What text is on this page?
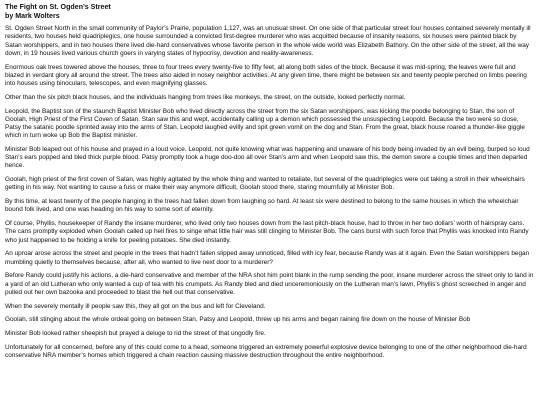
The Fight on St. Ogden’s Street
by Mark Wolters

St. Ogden Street North in the small community of Paylor’s Prairie, population 1,127, was an unusual street. On one side of that particular street four houses contained severely mentally ill residents, two houses held quadriplegics, one house surrounded a convicted first-degree murderer who was acquitted because of insanity reasons, six houses were painted black by Satan worshippers, and in two houses there lived die-hard conservatives whose favorite person in the whole wide world was Elizabeth Bathory. On the other side of the street, all the way down, in 19 houses lived various church goers in varying states of hypocrisy, devotion and reality-awareness.

Enormous oak trees towered above the houses, three to four trees every twenty-five to fifty feet, all along both sides of the block. Because it was mid-spring, the leaves were full and blazed in verdant glory all around the street. The trees also aided in nosey neighbor activities. At any given time, there might be between six and twenty people perched on limbs peering into houses using binoculars, telescopes, and even magnifying glasses.

Other than the six pitch black houses, and the individuals hanging from trees like monkeys, the street, on the outside, looked perfectly normal.

Leopold, the Baptist son of the staunch Baptist Minister Bob who lived directly across the street from the six Satan worshippers, was kicking the poodle belonging to Stan, the son of Goolah, High Priest of the First Coven of Satan. Stan saw this and wept, accidentally calling up a demon which possessed the unsuspecting Leopold. Because the two were so close, Patsy the satanic poodle sprinted away into the arms of Stan. Leopold laughed evilly and spit green vomit on the dog and Stan. From the great, black house roared a thunder-like giggle which in turn woke up Bob the Baptist minister.

Minister Bob leaped out of his house and prayed in a loud voice. Leopold, not quite knowing what was happening and unaware of his body being invaded by an evil being, burped so loud Stan’s ears popped and bled thick purple blood. Patsy promptly took a huge doo-doo all over Stan’s arm and when Leopold saw this, the demon swore a couple times and then departed hence.

Goolah, high priest of the first coven of Satan, was highly agitated by the whole thing and wanted to retaliate, but several of the quadriplegics were out taking a stroll in their wheelchairs getting in his way. Not wanting to cause a fuss or make their way anymore difficult, Goolah stood there, staring mournfully at Minister Bob.

By this time, at least twenty of the people hanging in the trees had fallen down from laughing so hard. At least six were destined to belong to the same houses in which the wheelchair bound folk lived, and one was heading on his way to some sort of eternity.

Of course, Phyllis, housekeeper of Randy the insane murderer, who lived only two houses down from the last pitch-black house, had to throw in her two dollars’ worth of hairspray cans. The cans promptly exploded when Goolah called up hell fires to singe what little hair was still clinging to Minister Bob. The cans burst with such force that Phyllis was knocked into Randy who just happened to be holding a knife for peeling potatoes. She died instantly.

An uproar arose across the street and people in the trees that hadn’t fallen slipped away unnoticed, filled with icy fear, because Randy was at it again. Even the Satan worshippers began mumbling quietly to themselves because, after all, who wanted to live next door to a murderer?

Before Randy could justify his actions, a die-hard conservative and member of the NRA shot him point blank in the rump sending the poor, insane murderer across the street only to land in a yard of an old Lutheran who only wanted a cup of tea with his crumpets. As Randy bled and died unceremoniously on the Lutheran man’s lawn, Phyllis’s ghost screeched in anger and pulled out her own bazooka and proceeded to blast the hell out that conservative.

When the severely mentally ill people saw this, they all got on the bus and left for Cleveland.

Goolah, still stinging about the whole ordeal going on between Stan, Patsy and Leopold, threw up his arms and began raining fire down on the house of Minister Bob

Minister Bob looked rather sheepish but prayed a deluge to rid the street of that ungodly fire.

Unfortunately for all concerned, before any of this could come to a head, someone triggered an extremely powerful explosive device belonging to one of the other neighborhood die-hard conservative NRA member’s homes which triggered a chain reaction causing massive destruction throughout the entire neighborhood.
